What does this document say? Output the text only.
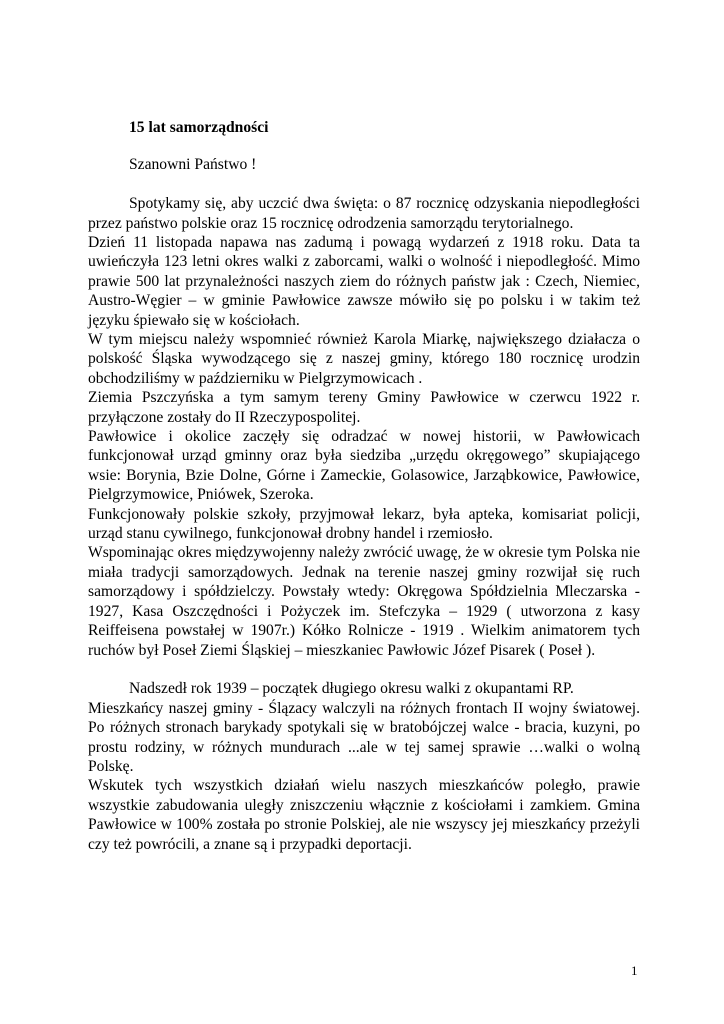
15 lat samorządności
Szanowni Państwo !

Spotykamy się, aby uczcić dwa święta: o 87 rocznicę odzyskania niepodległości przez państwo polskie oraz 15 rocznicę odrodzenia samorządu terytorialnego.

Dzień 11 listopada napawa nas zadumą i powagą wydarzeń z 1918 roku. Data ta uwieńczyła 123 letni okres walki z zaborcami, walki o wolność i niepodległość. Mimo prawie 500 lat przynależności naszych ziem do różnych państw jak : Czech, Niemiec, Austro-Węgier – w gminie Pawłowice zawsze mówiło się po polsku i w takim też języku śpiewało się w kościołach.

W tym miejscu należy wspomnieć również Karola Miarkę, największego działacza o polskość Śląska wywodzącego się z naszej gminy, którego 180 rocznicę urodzin obchodziliśmy w październiku w Pielgrzymowicach .

Ziemia Pszczyńska a tym samym tereny Gminy Pawłowice w czerwcu 1922 r. przyłączone zostały do II Rzeczypospolitej.

Pawłowice i okolice zaczęły się odradzać w nowej historii, w Pawłowicach funkcjonował urząd gminny oraz była siedziba „urzędu okręgowego” skupiającego wsie: Borynia, Bzie Dolne, Górne i Zameckie, Golasowice, Jarząbkowice, Pawłowice, Pielgrzymowice, Pniówek, Szeroka.

Funkcjonowały polskie szkoły, przyjmował lekarz, była apteka, komisariat policji, urząd stanu cywilnego, funkcjonował drobny handel i rzemiosło.

Wspominając okres międzywojenny należy zwrócić uwagę, że w okresie tym Polska nie miała tradycji samorządowych. Jednak na terenie naszej gminy rozwijał się ruch samorządowy i spółdzielczy. Powstały wtedy: Okręgowa Spółdzielnia Mleczarska - 1927, Kasa Oszczędności i Pożyczek im. Stefczyka – 1929 ( utworzona z kasy Reiffeisena powstałej w 1907r.) Kółko Rolnicze - 1919 . Wielkim animatorem tych ruchów był Poseł Ziemi Śląskiej – mieszkaniec Pawłowic Józef Pisarek ( Poseł ).

Nadszedł rok 1939 – początek długiego okresu walki z okupantami RP.

Mieszkańcy naszej gminy - Ślązacy walczyli na różnych frontach II wojny światowej. Po różnych stronach barykady spotykali się w bratobójczej walce - bracia, kuzyni, po prostu rodziny, w różnych mundurach ...ale w tej samej sprawie …walki o wolną Polskę.

Wskutek tych wszystkich działań wielu naszych mieszkańców poległo, prawie wszystkie zabudowania uległy zniszczeniu włącznie z kościołami i zamkiem. Gmina Pawłowice w 100% została po stronie Polskiej, ale nie wszyscy jej mieszkańcy przeżyli czy też powrócili, a znane są i przypadki deportacji.

1
